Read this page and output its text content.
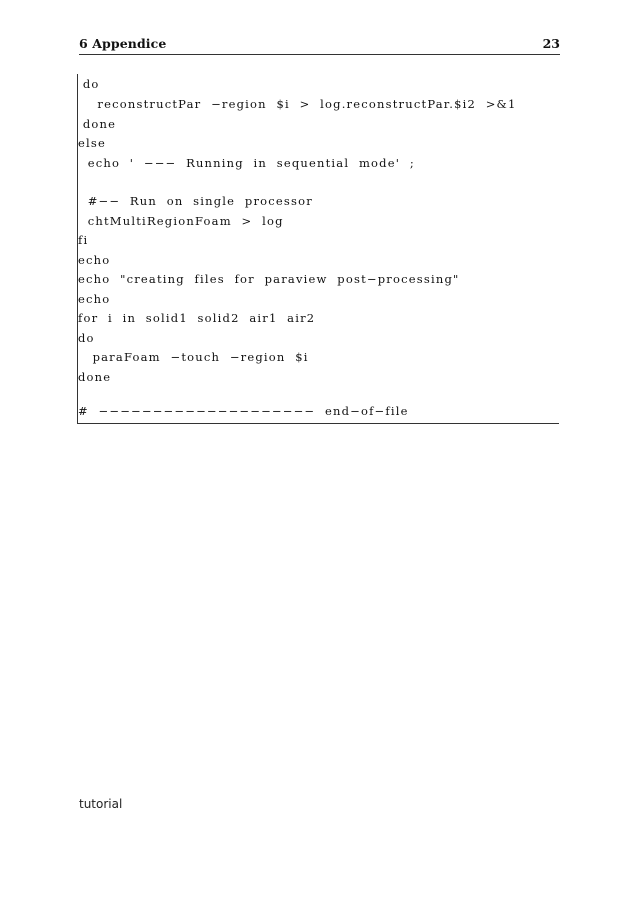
6 Appendice	23
do
reconstructPar  −region  $i  >  log.reconstructPar.$i2  >&1
done
else
echo  '  −−−  Running  in  sequential  mode'  ;
#−−  Run  on  single  processor
chtMultiRegionFoam  >  log
fi
echo
echo  "creating  files  for  paraview  post−processing"
echo
for  i  in  solid1  solid2  air1  air2
do
paraFoam  −touch  −region  $i
done
#  −−−−−−−−−−−−−−−−−−−−  end−of−file
tutorial
